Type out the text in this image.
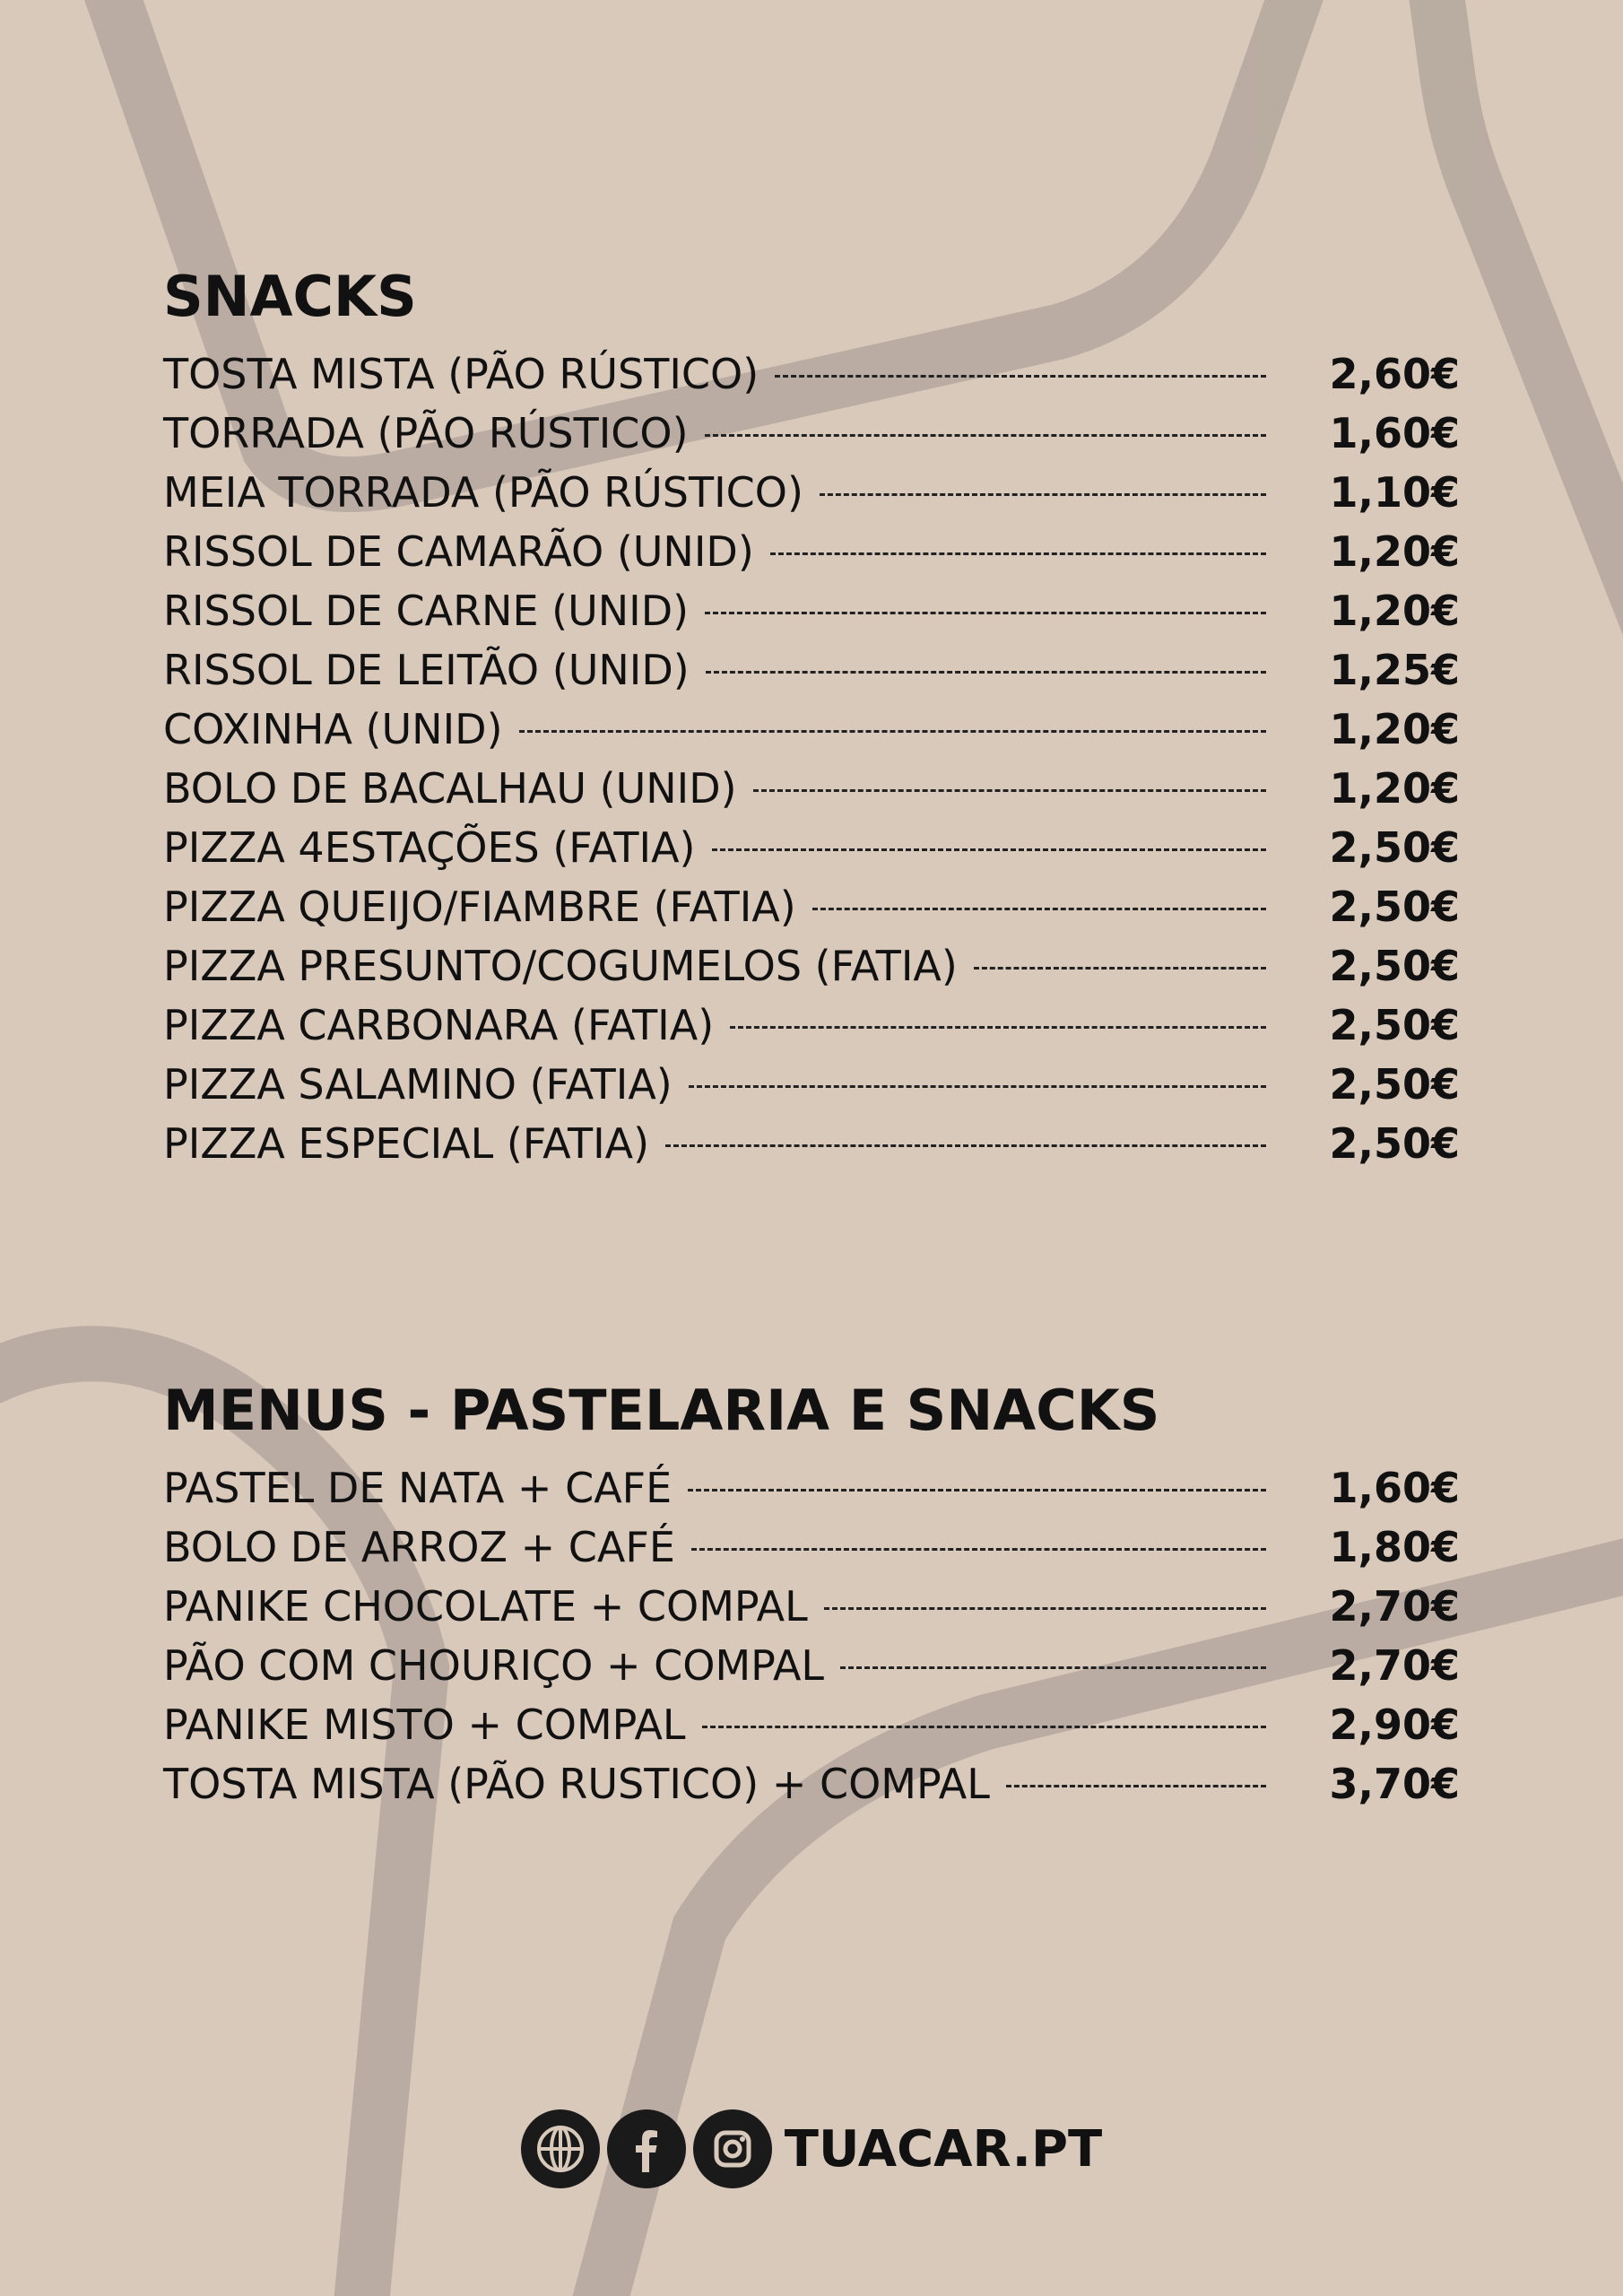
SNACKS
TOSTA MISTA (PÃO RÚSTICO)	2,60€
TORRADA (PÃO RÚSTICO)	1,60€
MEIA TORRADA (PÃO RÚSTICO)	1,10€
RISSOL DE CAMARÃO (UNID)	1,20€
RISSOL DE CARNE (UNID)	1,20€
RISSOL DE LEITÃO (UNID)	1,25€
COXINHA (UNID)	1,20€
BOLO DE BACALHAU (UNID)	1,20€
PIZZA 4ESTAÇÕES (FATIA)	2,50€
PIZZA QUEIJO/FIAMBRE (FATIA)	2,50€
PIZZA PRESUNTO/COGUMELOS (FATIA)	2,50€
PIZZA CARBONARA (FATIA)	2,50€
PIZZA SALAMINO (FATIA)	2,50€
PIZZA ESPECIAL (FATIA)	2,50€
MENUS - PASTELARIA E SNACKS
PASTEL DE NATA + CAFÉ	1,60€
BOLO DE ARROZ + CAFÉ	1,80€
PANIKE CHOCOLATE + COMPAL	2,70€
PÃO COM CHOURIÇO + COMPAL	2,70€
PANIKE MISTO + COMPAL	2,90€
TOSTA MISTA (PÃO RUSTICO) + COMPAL	3,70€
TUACAR.PT
